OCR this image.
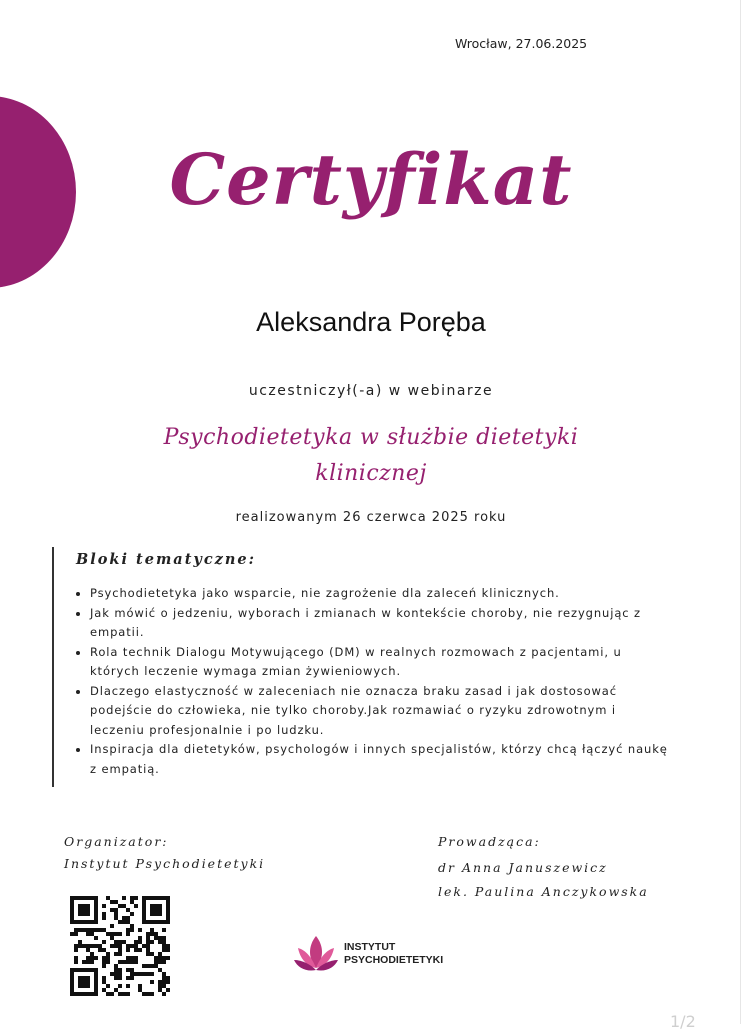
Wrocław, 27.06.2025
Certyfikat
Aleksandra Poręba
uczestniczył(-a) w webinarze
Psychodietetyka w służbie dietetyki klinicznej
realizowanym 26 czerwca 2025 roku
Bloki tematyczne:
• Psychodietetyka jako wsparcie, nie zagrożenie dla zaleceń klinicznych.
• Jak mówić o jedzeniu, wyborach i zmianach w kontekście choroby, nie rezygnując z empatii.
• Rola technik Dialogu Motywującego (DM) w realnych rozmowach z pacjentami, u których leczenie wymaga zmian żywieniowych.
• Dlaczego elastyczność w zaleceniach nie oznacza braku zasad i jak dostosować podejście do człowieka, nie tylko choroby.Jak rozmawiać o ryzyku zdrowotnym i leczeniu profesjonalnie i po ludzku.
• Inspiracja dla dietetyków, psychologów i innych specjalistów, którzy chcą łączyć naukę z empatią.
Organizator:
Instytut Psychodietetyki
Prowadząca:
dr Anna Januszewicz
lek. Paulina Anczykowska
INSTYTUT
PSYCHODIETETYKI
1/2
